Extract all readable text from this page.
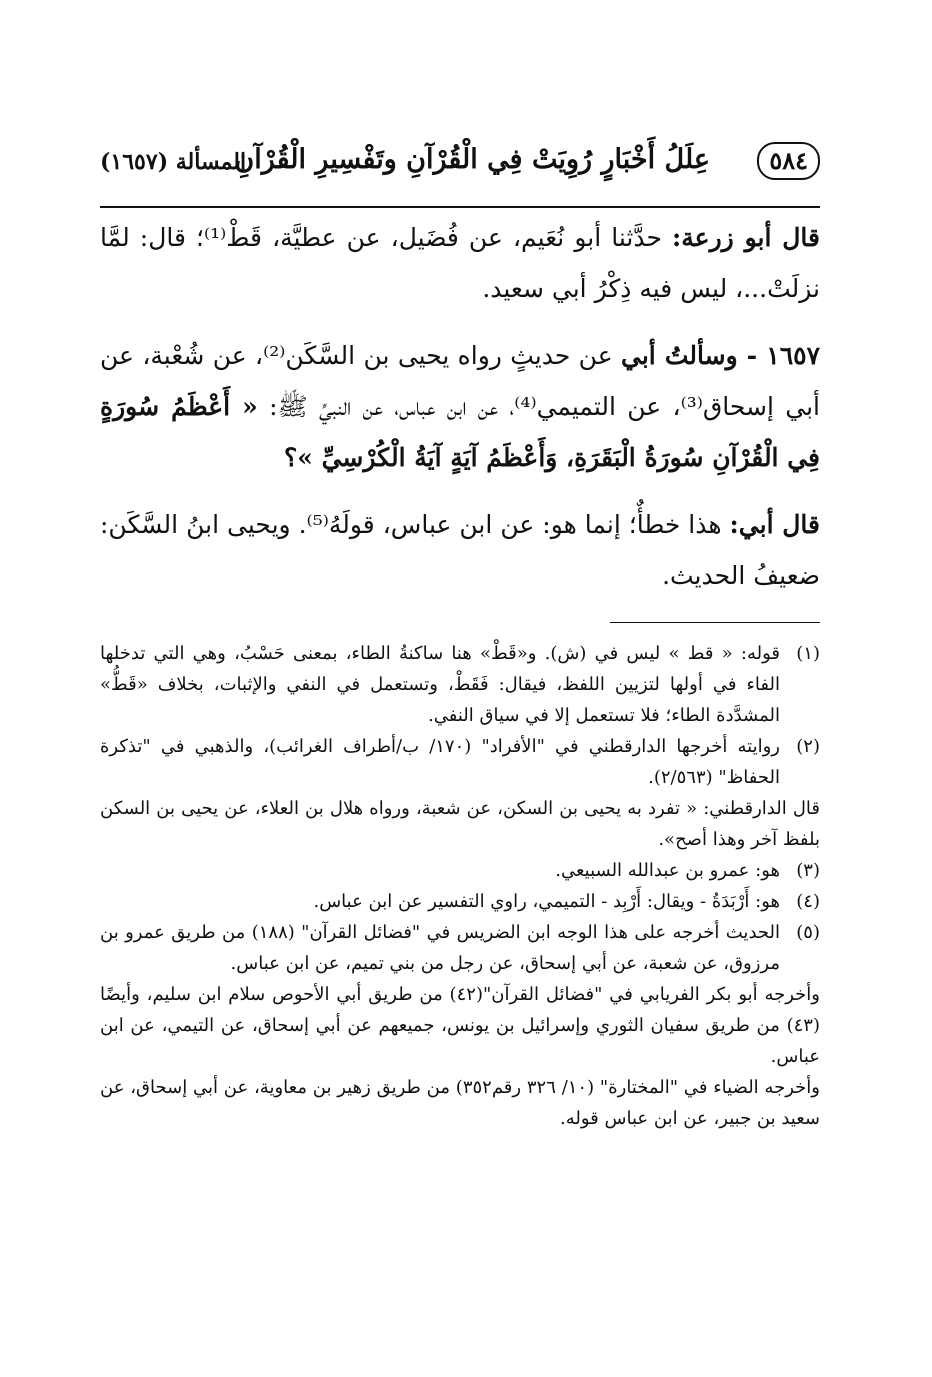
٥٨٤
عِلَلُ أَخْبَارٍ رُوِيَتْ فِي الْقُرْآنِ وتَفْسِيرِ الْقُرْآنِ
المسألة (١٦٥٧)

قال أبو زرعة: حدَّثنا أبو نُعَيم، عن فُضَيل، عن عطيَّة، قَطْ⁽¹⁾؛ قال: لمَّا نزلَتْ...، ليس فيه ذِكْرُ أبي سعيد.

١٦٥٧ - وسألتُ أبي عن حديثٍ رواه يحيى بن السَّكَن⁽²⁾، عن شُعْبة، عن أبي إسحاق⁽³⁾، عن التميمي⁽⁴⁾، عن ابن عباس، عن النبيِّ ﷺ: « أَعْظَمُ سُورَةٍ فِي الْقُرْآنِ سُورَةُ الْبَقَرَةِ، وَأَعْظَمُ آيَةٍ آيَةُ الْكُرْسِيِّ »؟

قال أبي: هذا خطأٌ؛ إنما هو: عن ابن عباس، قولَهُ⁽⁵⁾. ويحيى ابنُ السَّكَن: ضعيفُ الحديث.

(١)
قوله: « قط » ليس في (ش). و«قَطْ» هنا ساكنةُ الطاء، بمعنى حَسْبُ، وهي التي تدخلها الفاء في أولها لتزيين اللفظ، فيقال: فَقَطْ، وتستعمل في النفي والإثبات، بخلاف «قَطُّ» المشدَّدة الطاء؛ فلا تستعمل إلا في سياق النفي.
(٢)
روايته أخرجها الدارقطني في "الأفراد" (١٧٠/ ب/أطراف الغرائب)، والذهبي في "تذكرة الحفاظ" (٢/٥٦٣).
قال الدارقطني: « تفرد به يحيى بن السكن، عن شعبة، ورواه هلال بن العلاء، عن يحيى بن السكن بلفظ آخر وهذا أصح».
(٣)
هو: عمرو بن عبدالله السبيعي.
(٤)
هو: أَرْبَدَةُ - ويقال: أَرْبِد - التميمي، راوي التفسير عن ابن عباس.
(٥)
الحديث أخرجه على هذا الوجه ابن الضريس في "فضائل القرآن" (١٨٨) من طريق عمرو بن مرزوق، عن شعبة، عن أبي إسحاق، عن رجل من بني تميم، عن ابن عباس.
وأخرجه أبو بكر الفريابي في "فضائل القرآن"(٤٢) من طريق أبي الأحوص سلام ابن سليم، وأيضًا (٤٣) من طريق سفيان الثوري وإسرائيل بن يونس، جميعهم عن أبي إسحاق، عن التيمي، عن ابن عباس.
وأخرجه الضياء في "المختارة" (١٠/ ٣٢٦ رقم٣٥٢) من طريق زهير بن معاوية، عن أبي إسحاق، عن سعيد بن جبير، عن ابن عباس قوله.
